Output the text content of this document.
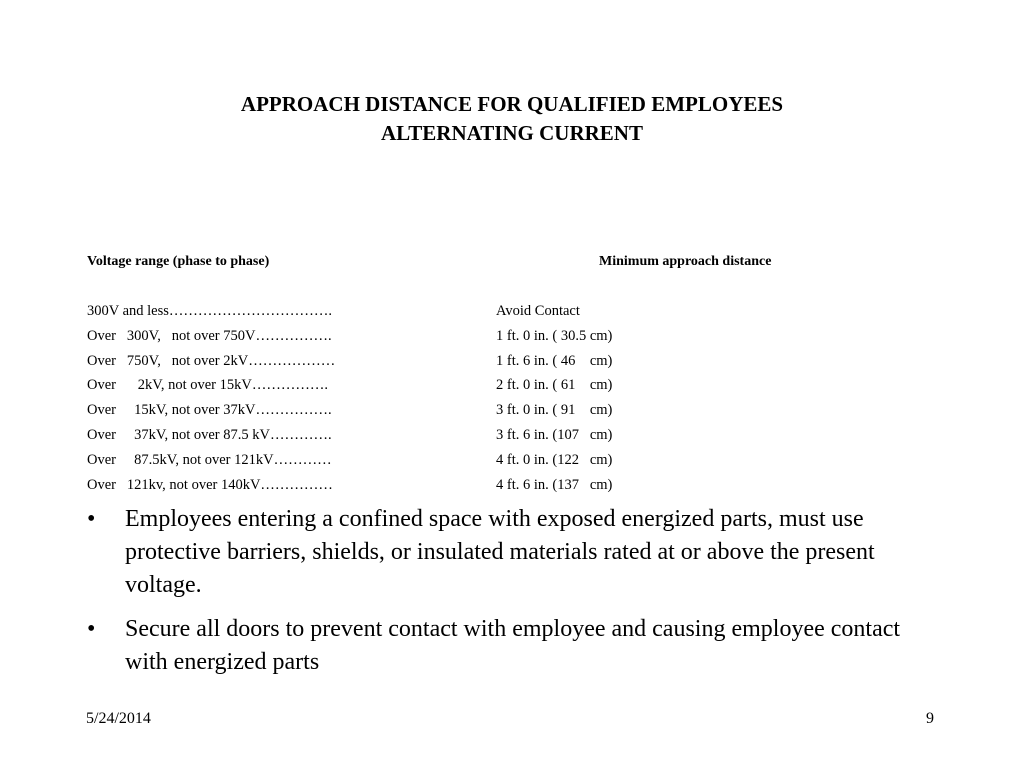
APPROACH DISTANCE FOR QUALIFIED EMPLOYEES
ALTERNATING CURRENT
Voltage range (phase to phase)	Minimum approach distance
300V and less…………………………….	Avoid Contact
Over   300V,   not over 750V…………….	1 ft. 0 in. ( 30.5 cm)
Over   750V,   not over 2kV………………	1 ft. 6 in. ( 46    cm)
Over      2kV, not over 15kV…………….	2 ft. 0 in. ( 61    cm)
Over     15kV, not over 37kV…………….	3 ft. 0 in. ( 91    cm)
Over     37kV, not over 87.5 kV………….	3 ft. 6 in. (107   cm)
Over     87.5kV, not over 121kV…………	4 ft. 0 in. (122   cm)
Over   121kv, not over 140kV……………	4 ft. 6 in. (137   cm)
• Employees entering a confined space with exposed energized parts, must use protective barriers, shields, or insulated materials rated at or above the present voltage.
• Secure all doors to prevent contact with employee and causing employee contact with energized parts
5/24/2014	9
